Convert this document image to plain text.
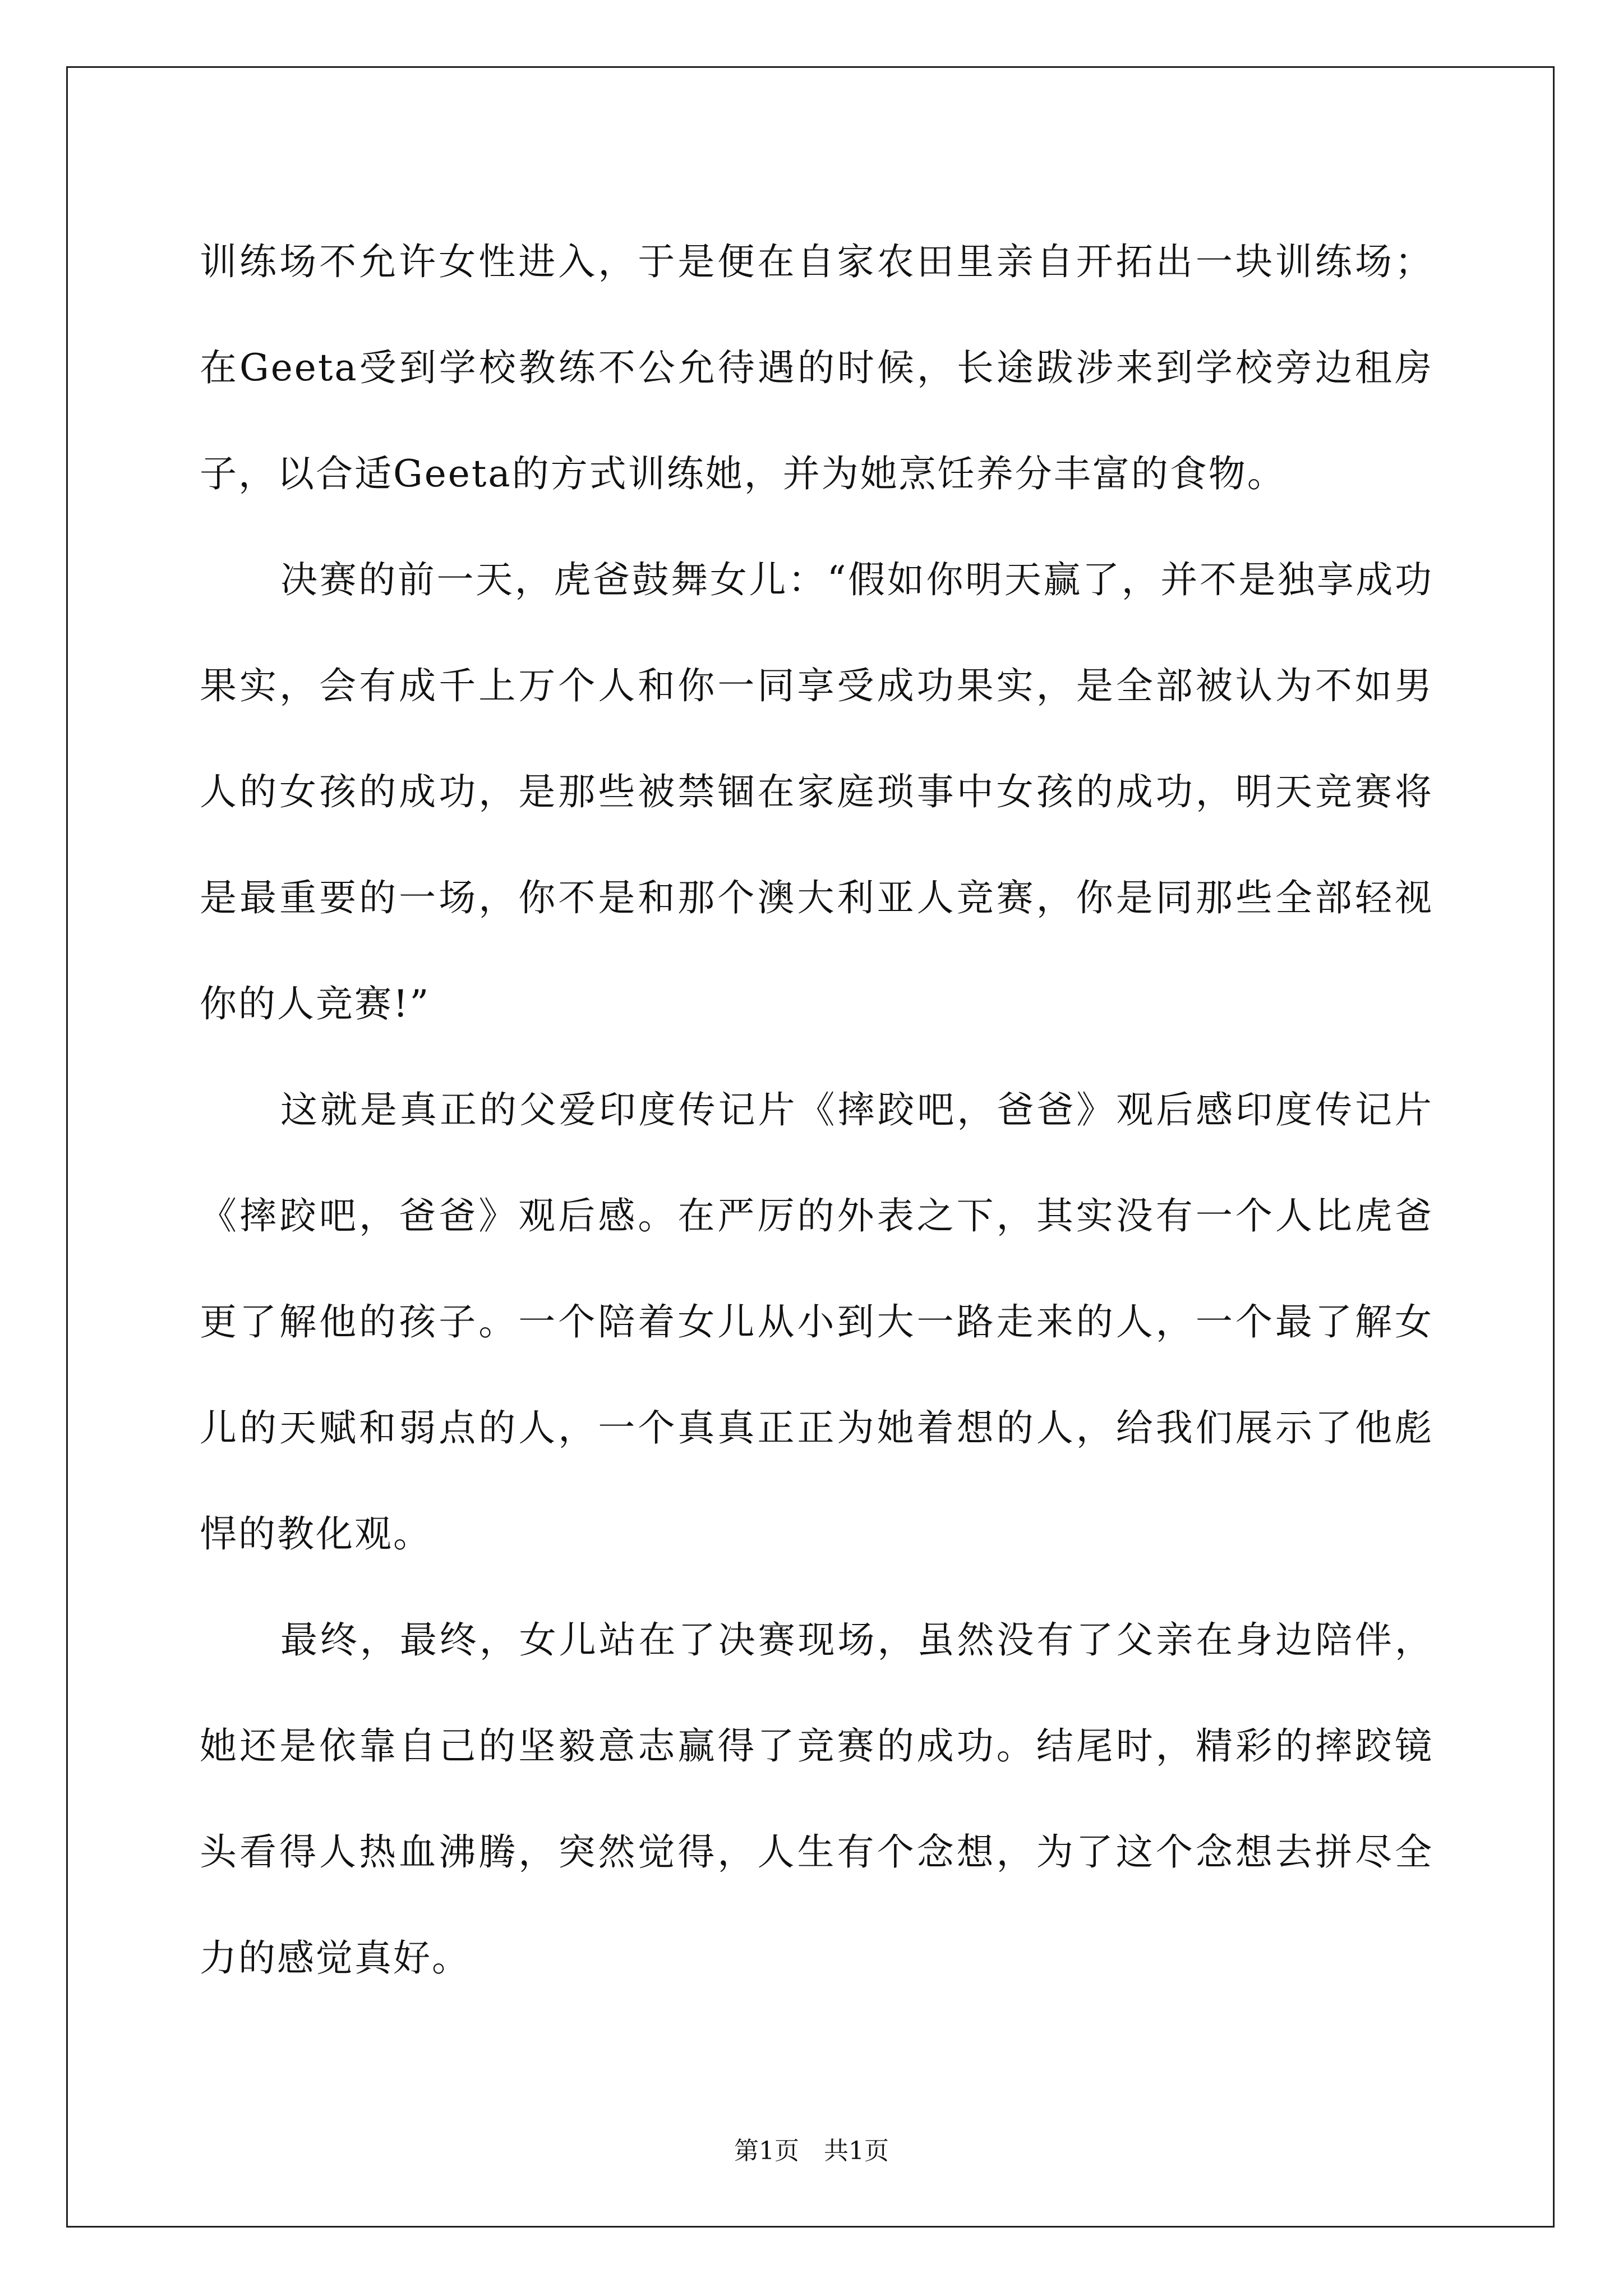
训练场不允许女性进入，于是便在自家农田里亲自开拓出一块训练场；在Geeta受到学校教练不公允待遇的时候，长途跋涉来到学校旁边租房子，以合适Geeta的方式训练她，并为她烹饪养分丰富的食物。

决赛的前一天，虎爸鼓舞女儿：“假如你明天赢了，并不是独享成功果实，会有成千上万个人和你一同享受成功果实，是全部被认为不如男人的女孩的成功，是那些被禁锢在家庭琐事中女孩的成功，明天竞赛将是最重要的一场，你不是和那个澳大利亚人竞赛，你是同那些全部轻视你的人竞赛!”

这就是真正的父爱印度传记片《摔跤吧，爸爸》观后感印度传记片《摔跤吧，爸爸》观后感。在严厉的外表之下，其实没有一个人比虎爸更了解他的孩子。一个陪着女儿从小到大一路走来的人，一个最了解女儿的天赋和弱点的人，一个真真正正为她着想的人，给我们展示了他彪悍的教化观。

最终，最终，女儿站在了决赛现场，虽然没有了父亲在身边陪伴，她还是依靠自己的坚毅意志赢得了竞赛的成功。结尾时，精彩的摔跤镜头看得人热血沸腾，突然觉得，人生有个念想，为了这个念想去拼尽全力的感觉真好。

第1页 共1页
